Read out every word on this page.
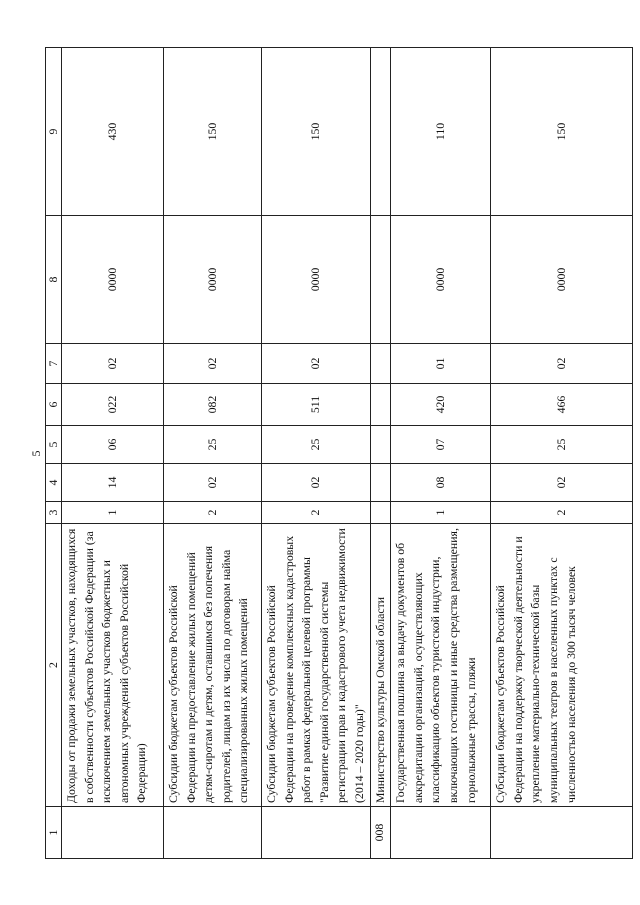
5
1	2	3	4	5	6	7	8	9
	Доходы от продажи земельных участков, находящихся в собственности субъектов Российской Федерации (за исключением земельных участков бюджетных и автономных учреждений субъектов Российской Федерации)	1	14	06	022	02	0000	430
	Субсидии бюджетам субъектов Российской Федерации на предоставление жилых помещений детям-сиротам и детям, оставшимся без попечения родителей, лицам из их числа по договорам найма специализированных жилых помещений	2	02	25	082	02	0000	150
	Субсидии бюджетам субъектов Российской Федерации на проведение комплексных кадастровых работ в рамках федеральной целевой программы "Развитие единой государственной системы регистрации прав и кадастрового учета недвижимости (2014 – 2020 годы)"	2	02	25	511	02	0000	150
008	Министерство культуры Омской области							
	Государственная пошлина за выдачу документов об аккредитации организаций, осуществляющих классификацию объектов туристской индустрии, включающих гостиницы и иные средства размещения, горнолыжные трассы, пляжи	1	08	07	420	01	0000	110
	Субсидии бюджетам субъектов Российской Федерации на поддержку творческой деятельности и укрепление материально-технической базы муниципальных театров в населенных пунктах с численностью населения до 300 тысяч человек	2	02	25	466	02	0000	150
